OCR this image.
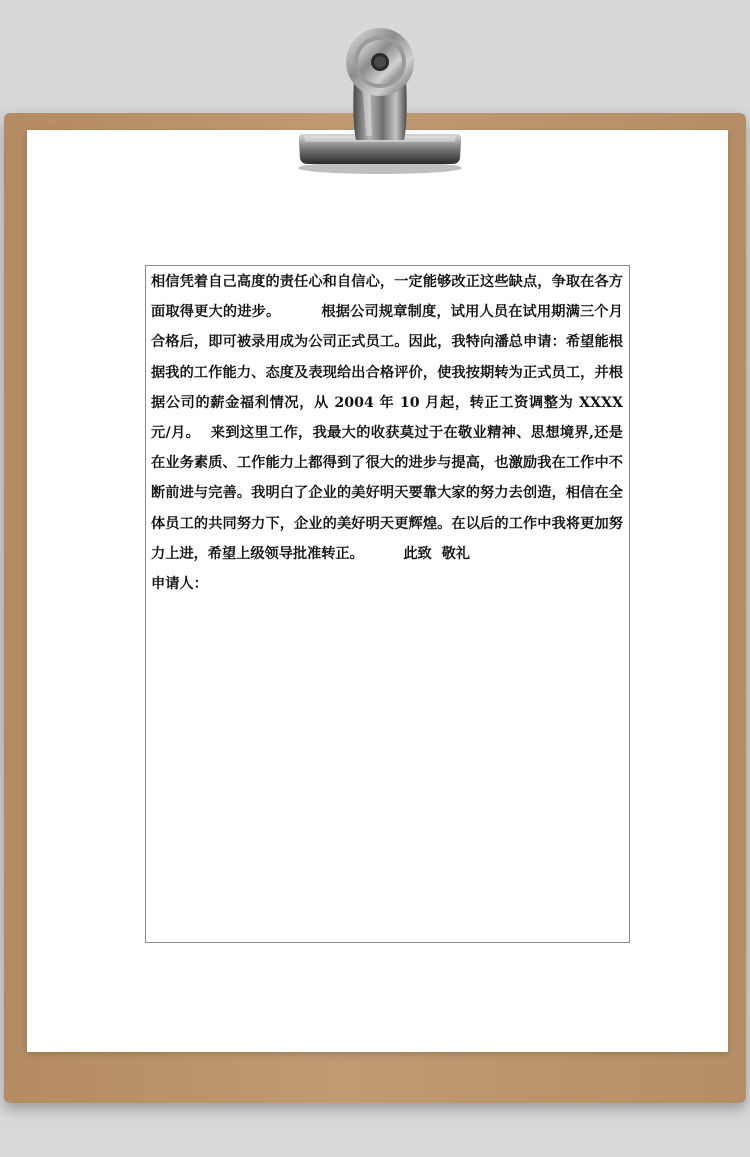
相信凭着自己高度的责任心和自信心，一定能够改正这些缺点，争取在各方面取得更大的进步。        根据公司规章制度，试用人员在试用期满三个月合格后，即可被录用成为公司正式员工。因此，我特向潘总申请：希望能根据我的工作能力、态度及表现给出合格评价，使我按期转为正式员工，并根据公司的薪金福利情况，从 2004 年 10 月起，转正工资调整为 XXXX 元/月。  来到这里工作，我最大的收获莫过于在敬业精神、思想境界,还是在业务素质、工作能力上都得到了很大的进步与提高，也激励我在工作中不断前进与完善。我明白了企业的美好明天要靠大家的努力去创造，相信在全体员工的共同努力下，企业的美好明天更辉煌。在以后的工作中我将更加努力上进，希望上级领导批准转正。        此致  敬礼

申请人：
